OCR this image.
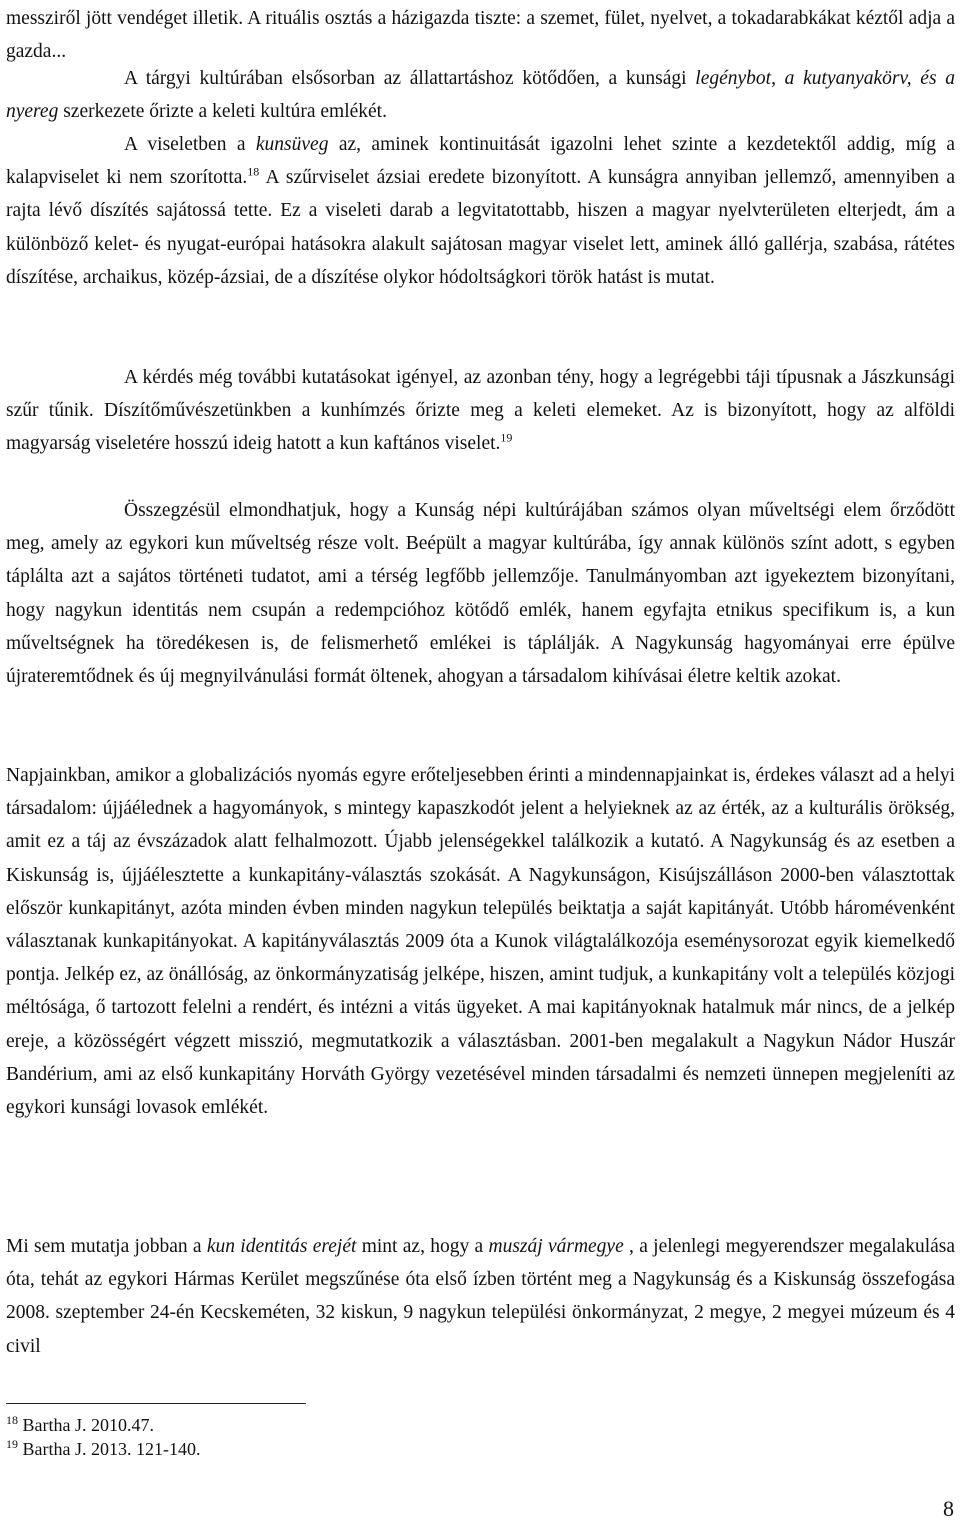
messziről jött vendéget illetik. A rituális osztás a házigazda tiszte: a szemet, fület, nyelvet, a tokadarabkákat kéztől adja a gazda...

A tárgyi kultúrában elsősorban az állattartáshoz kötődően, a kunsági legénybot, a kutyanyakörv, és a nyereg szerkezete őrizte a keleti kultúra emlékét.

A viseletben a kunsüveg az, aminek kontinuitását igazolni lehet szinte a kezdetektől addig, míg a kalapviselet ki nem szorította.$^{18}$ A szűrviselet ázsiai eredete bizonyított. A kunságra annyiban jellemző, amennyiben a rajta lévő díszítés sajátossá tette. Ez a viseleti darab a legvitatottabb, hiszen a magyar nyelvterületen elterjedt, ám a különböző kelet- és nyugat-európai hatásokra alakult sajátosan magyar viselet lett, aminek álló gallérja, szabása, rátétes díszítése, archaikus, közép-ázsiai, de a díszítése olykor hódoltságkori török hatást is mutat.

A kérdés még további kutatásokat igényel, az azonban tény, hogy a legrégebbi táji típusnak a Jászkunsági szűr tűnik. Díszítőművészetünkben a kunhímzés őrizte meg a keleti elemeket. Az is bizonyított, hogy az alföldi magyarság viseletére hosszú ideig hatott a kun kaftános viselet.$^{19}$

Összegzésül elmondhatjuk, hogy a Kunság népi kultúrájában számos olyan műveltségi elem őrződött meg, amely az egykori kun műveltség része volt. Beépült a magyar kultúrába, így annak különös színt adott, s egyben táplálta azt a sajátos történeti tudatot, ami a térség legfőbb jellemzője. Tanulmányomban azt igyekeztem bizonyítani, hogy nagykun identitás nem csupán a redempcióhoz kötődő emlék, hanem egyfajta etnikus specifikum is, a kun műveltségnek ha töredékesen is, de felismerhető emlékei is táplálják. A Nagykunság hagyományai erre épülve újrateremtődnek és új megnyilvánulási formát öltenek, ahogyan a társadalom kihívásai életre keltik azokat.

Napjainkban, amikor a globalizációs nyomás egyre erőteljesebben érinti a mindennapjainkat is, érdekes választ ad a helyi társadalom: újjáélednek a hagyományok, s mintegy kapaszkodót jelent a helyieknek az az érték, az a kulturális örökség, amit ez a táj az évszázadok alatt felhalmozott. Újabb jelenségekkel találkozik a kutató. A Nagykunság és az esetben a Kiskunság is, újjáélesztette a kunkapitány-választás szokását. A Nagykunságon, Kisújszálláson 2000-ben választottak először kunkapitányt, azóta minden évben minden nagykun település beiktatja a saját kapitányát. Utóbb háromévenként választanak kunkapitányokat. A kapitányválasztás 2009 óta a Kunok világtalálkozója eseménysorozat egyik kiemelkedő pontja. Jelkép ez, az önállóság, az önkormányzatiság jelképe, hiszen, amint tudjuk, a kunkapitány volt a település közjogi méltósága, ő tartozott felelni a rendért, és intézni a vitás ügyeket. A mai kapitányoknak hatalmuk már nincs, de a jelkép ereje, a közösségért végzett misszió, megmutatkozik a választásban. 2001-ben megalakult a Nagykun Nádor Huszár Bandérium, ami az első kunkapitány Horváth György vezetésével minden társadalmi és nemzeti ünnepen megjeleníti az egykori kunsági lovasok emlékét.

Mi sem mutatja jobban a kun identitás erejét mint az, hogy a muszáj vármegye , a jelenlegi megyerendszer megalakulása óta, tehát az egykori Hármas Kerület megszűnése óta első ízben történt meg a Nagykunság és a Kiskunság összefogása 2008. szeptember 24-én Kecskeméten, 32 kiskun, 9 nagykun települési önkormányzat, 2 megye, 2 megyei múzeum és 4 civil

$^{18}$ Bartha J. 2010.47.
$^{19}$ Bartha J. 2013. 121-140.
8
